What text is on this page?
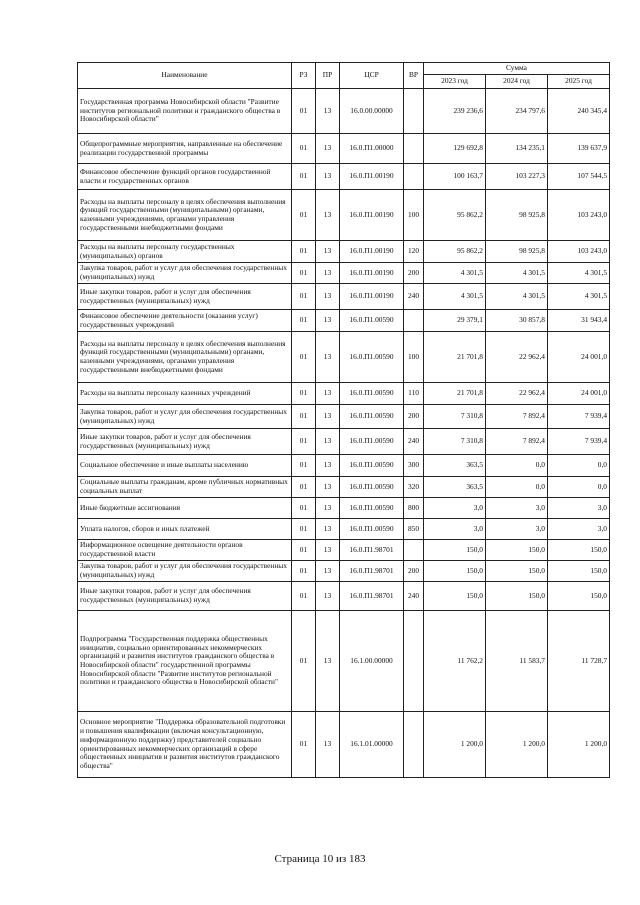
Наименование	РЗ	ПР	ЦСР	ВР	Сумма		
					2023 год	2024 год	2025 год
Государственная программа Новосибирской области "Развитие институтов региональной политики и гражданского общества в Новосибирской области"	01	13	16.0.00.00000		239 236,6	234 797,6	240 345,4
Общепрограммные мероприятия, направленные на обеспечение реализации государственной программы	01	13	16.0.П1.00000		129 692,8	134 235,1	139 637,9
Финансовое обеспечение функций органов государственной власти и государственных органов	01	13	16.0.П1.00190		100 163,7	103 227,3	107 544,5
Расходы на выплаты персоналу в целях обеспечения выполнения функций государственными (муниципальными) органами, казенными учреждениями, органами управления государственными внебюджетными фондами	01	13	16.0.П1.00190	100	95 862,2	98 925,8	103 243,0
Расходы на выплаты персоналу государственных (муниципальных) органов	01	13	16.0.П1.00190	120	95 862,2	98 925,8	103 243,0
Закупка товаров, работ и услуг для обеспечения государственных (муниципальных) нужд	01	13	16.0.П1.00190	200	4 301,5	4 301,5	4 301,5
Иные закупки товаров, работ и услуг для обеспечения государственных (муниципальных) нужд	01	13	16.0.П1.00190	240	4 301,5	4 301,5	4 301,5
Финансовое обеспечение деятельности (оказания услуг) государственных учреждений	01	13	16.0.П1.00590		29 379,1	30 857,8	31 943,4
Расходы на выплаты персоналу в целях обеспечения выполнения функций государственными (муниципальными) органами, казенными учреждениями, органами управления государственными внебюджетными фондами	01	13	16.0.П1.00590	100	21 701,8	22 962,4	24 001,0
Расходы на выплаты персоналу казенных учреждений	01	13	16.0.П1.00590	110	21 701,8	22 962,4	24 001,0
Закупка товаров, работ и услуг для обеспечения государственных (муниципальных) нужд	01	13	16.0.П1.00590	200	7 310,8	7 892,4	7 939,4
Иные закупки товаров, работ и услуг для обеспечения государственных (муниципальных) нужд	01	13	16.0.П1.00590	240	7 310,8	7 892,4	7 939,4
Социальное обеспечение и иные выплаты населению	01	13	16.0.П1.00590	300	363,5	0,0	0,0
Социальные выплаты гражданам, кроме публичных нормативных социальных выплат	01	13	16.0.П1.00590	320	363,5	0,0	0,0
Иные бюджетные ассигнования	01	13	16.0.П1.00590	800	3,0	3,0	3,0
Уплата налогов, сборов и иных платежей	01	13	16.0.П1.00590	850	3,0	3,0	3,0
Информационное освещение деятельности органов государственной власти	01	13	16.0.П1.98701		150,0	150,0	150,0
Закупка товаров, работ и услуг для обеспечения государственных (муниципальных) нужд	01	13	16.0.П1.98701	200	150,0	150,0	150,0
Иные закупки товаров, работ и услуг для обеспечения государственных (муниципальных) нужд	01	13	16.0.П1.98701	240	150,0	150,0	150,0
Подпрограмма "Государственная поддержка общественных инициатив, социально ориентированных некоммерческих организаций и развития институтов гражданского общества в Новосибирской области" государственной программы Новосибирской области "Развитие институтов региональной политики и гражданского общества в Новосибирской области"	01	13	16.1.00.00000		11 762,2	11 583,7	11 728,7
Основное мероприятие "Поддержка образовательной подготовки и повышения квалификации (включая консультационную, информационную поддержку) представителей социально ориентированных некоммерческих организаций в сфере общественных инициатив и развития институтов гражданского общества"	01	13	16.1.01.00000		1 200,0	1 200,0	1 200,0
Страница 10 из 183
